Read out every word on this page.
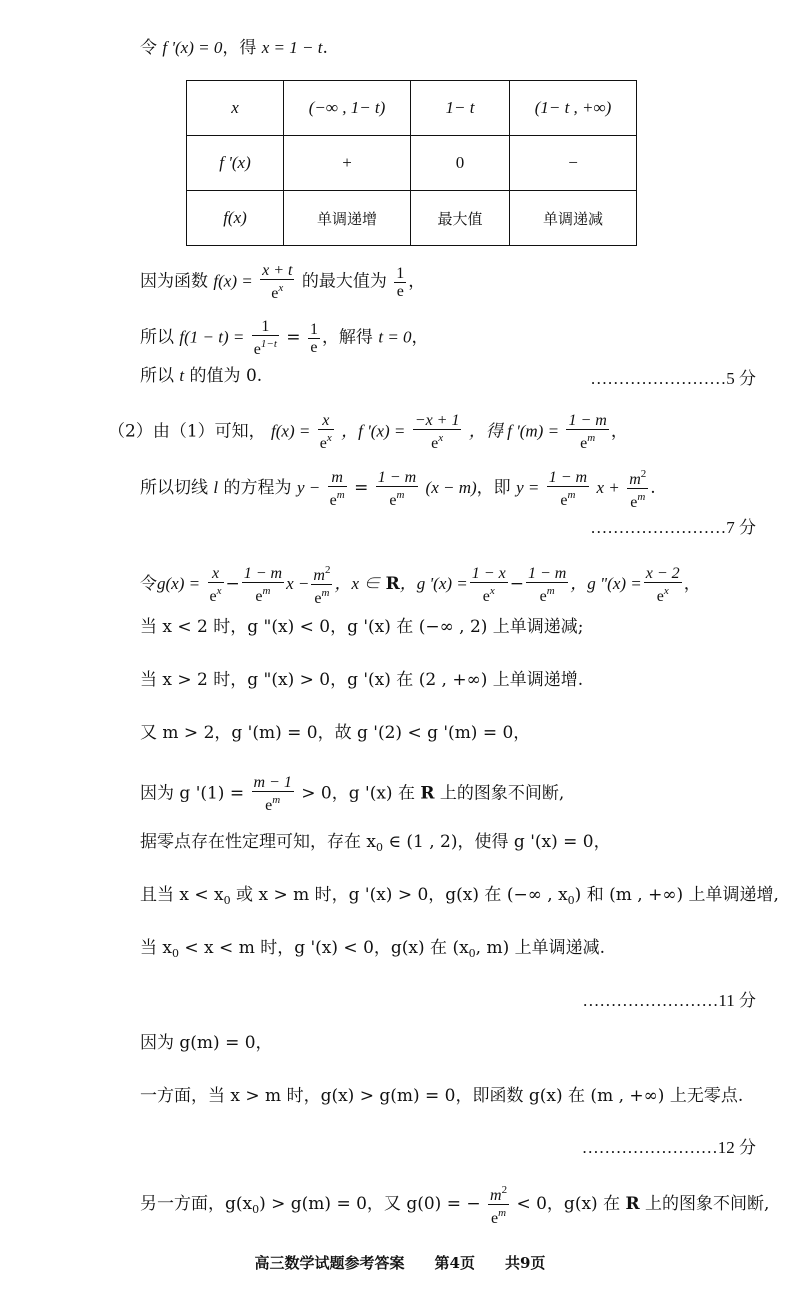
令 f '(x) = 0，得 x = 1 − t.
x	(−∞ , 1− t)	1− t	(1− t , +∞)
f '(x)	+	0	−
f(x)	单调递增	最大值	单调递减
因为函数 $f(x) = \frac{x + t}{e^x}$ 的最大值为 $\frac{1}{e}$ ，
所以 $f(1 - t) = \frac{1}{e^{1-t}} = \frac{1}{e}$ ，解得 t = 0，
所以 t 的值为 0.	……………………5 分
（2）由（1）可知， $f(x) = \frac{x}{e^x}$ ，f '$(x) = \frac{-x + 1}{e^x}$ ，得 f '$(m) = \frac{1 - m}{e^m}$ ，
所以切线 l 的方程为 $y - \frac{m}{e^m} = \frac{1 - m}{e^m} (x - m)$，即 $y = \frac{1 - m}{e^m}$ $x + \frac{m^2}{e^m}$ .
……………………7 分
令$g(x) = \frac{x}{e^x} - \frac{1 - m}{e^m}$ $x - \frac{m^2}{e^m}$ ，x ∈ R，g '$(x) = \frac{1 - x}{e^x} - \frac{1 - m}{e^m}$ ，g "$(x) = \frac{x - 2}{e^x}$ ，
当 x < 2 时，g "(x) < 0，g '(x) 在 (−∞ , 2) 上单调递减;
当 x > 2 时，g "(x) > 0，g '(x) 在 (2 , +∞) 上单调递增.
又 m > 2，g '(m) = 0，故 g '(2) < g '(m) = 0，
因为 g '$(1) = \frac{m - 1}{e^m} > 0$，g '(x) 在 R 上的图象不间断,
据零点存在性定理可知，存在 $x_0$ ∈ (1 , 2)，使得 g '(x) = 0，
且当 $x < x_0$ 或 x > m 时，g '(x) > 0，g(x) 在 (−∞ , $x_0$) 和 (m , +∞) 上单调递增,
当 $x_0 < x < m$ 时，g '(x) < 0，g(x) 在 ($x_0$, m) 上单调递减.
……………………11 分
因为 g(m) = 0，
一方面，当 x > m 时，g(x) > g(m) = 0，即函数 g(x) 在 (m , +∞) 上无零点.
……………………12 分
另一方面，$g(x_0) > g(m) = 0$，又 g(0) = − $\frac{m^2}{e^m} < 0$，g(x) 在 R 上的图象不间断,
高三数学试题参考答案　　第4页　　共9页
